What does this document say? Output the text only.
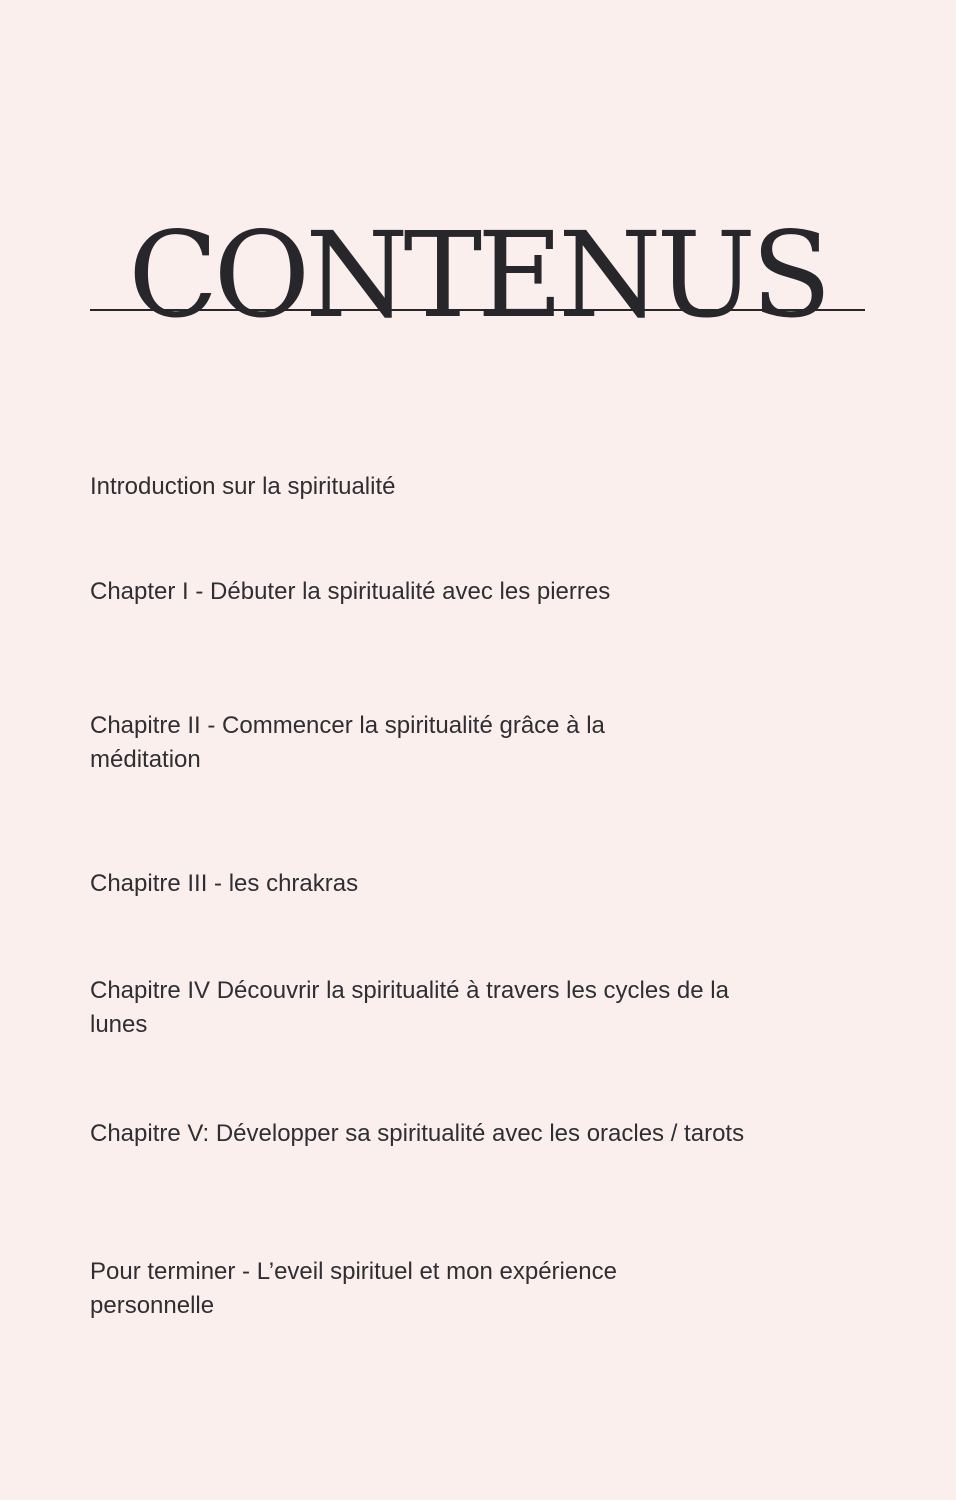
CONTENUS
Introduction sur la spiritualité
Chapter I - Débuter la spiritualité avec les pierres
Chapitre II - Commencer la spiritualité grâce à la méditation
Chapitre III - les chrakras
Chapitre IV Découvrir la spiritualité à travers les cycles de la lunes
Chapitre V: Développer sa spiritualité avec les oracles / tarots
Pour terminer - L’eveil spirituel et mon expérience personnelle
